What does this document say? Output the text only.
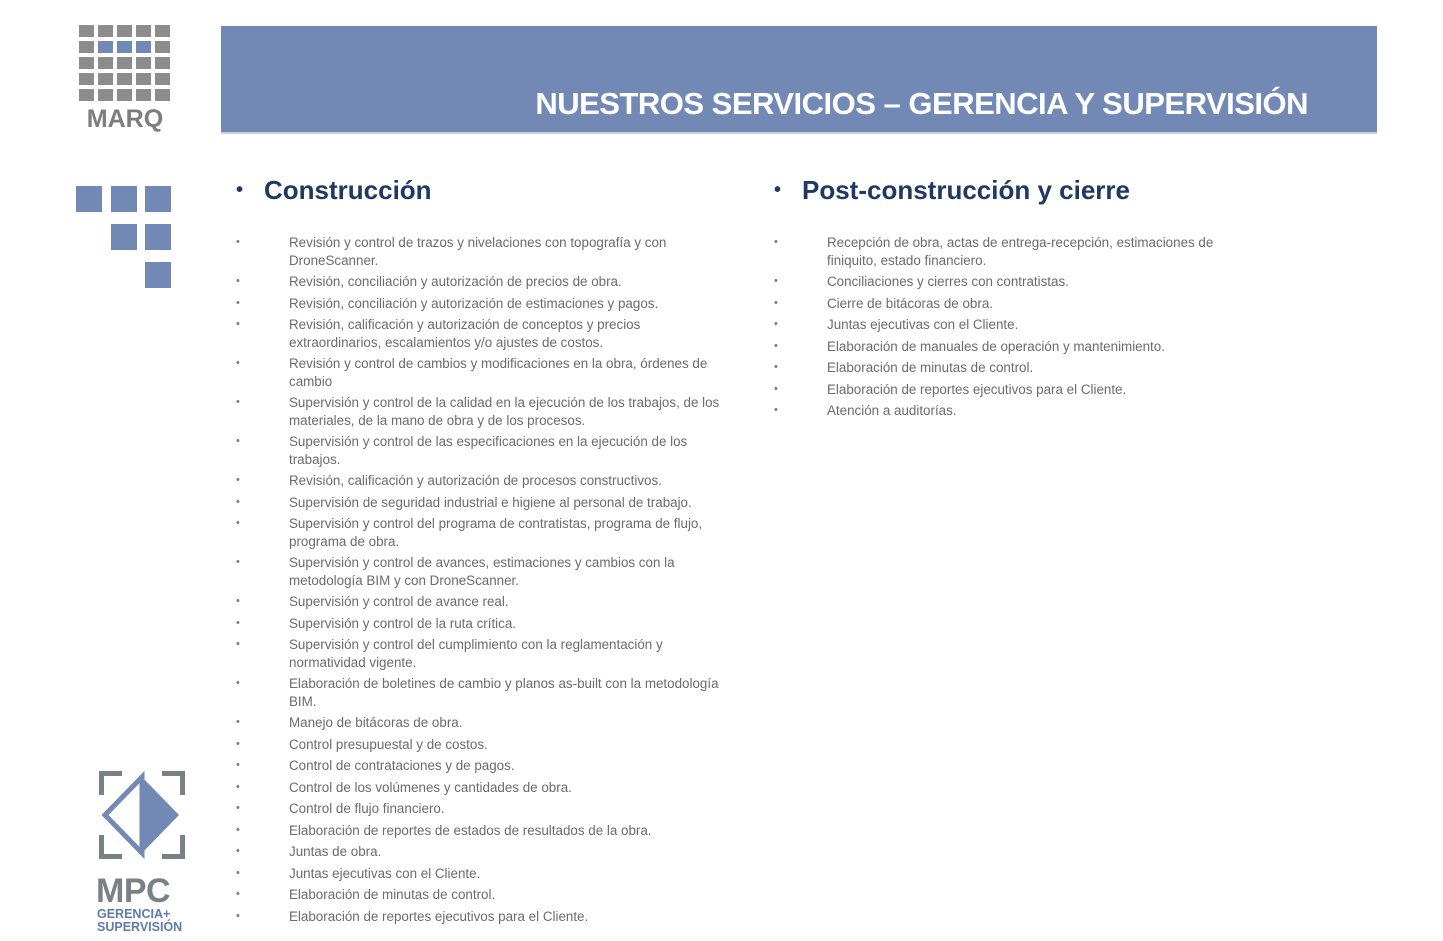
MARQ	NUESTROS SERVICIOS – GERENCIA Y SUPERVISIÓN
• Construcción
•	Revisión y control de trazos y nivelaciones con topografía y con DroneScanner.
•	Revisión, conciliación y autorización de precios de obra.
•	Revisión, conciliación y autorización de estimaciones y pagos.
•	Revisión, calificación y autorización de conceptos y precios extraordinarios, escalamientos y/o ajustes de costos.
•	Revisión y control de cambios y modificaciones en la obra, órdenes de cambio
•	Supervisión y control de la calidad en la ejecución de los trabajos, de los materiales, de la mano de obra y de los procesos.
•	Supervisión y control de las especificaciones en la ejecución de los trabajos.
•	Revisión, calificación y autorización de procesos constructivos.
•	Supervisión de seguridad industrial e higiene al personal de trabajo.
•	Supervisión y control del programa de contratistas, programa de flujo, programa de obra.
•	Supervisión y control de avances, estimaciones y cambios con la metodología BIM y con DroneScanner.
•	Supervisión y control de avance real.
•	Supervisión y control de la ruta crítica.
•	Supervisión y control del cumplimiento con la reglamentación y normatividad vigente.
•	Elaboración de boletines de cambio y planos as-built con la metodología BIM.
•	Manejo de bitácoras de obra.
•	Control presupuestal y de costos.
•	Control de contrataciones y de pagos.
•	Control de los volúmenes y cantidades de obra.
•	Control de flujo financiero.
•	Elaboración de reportes de estados de resultados de la obra.
•	Juntas de obra.
•	Juntas ejecutivas con el Cliente.
•	Elaboración de minutas de control.
•	Elaboración de reportes ejecutivos para el Cliente.
• Post-construcción y cierre
•	Recepción de obra, actas de entrega-recepción, estimaciones de finiquito, estado financiero.
•	Conciliaciones y cierres con contratistas.
•	Cierre de bitácoras de obra.
•	Juntas ejecutivas con el Cliente.
•	Elaboración de manuales de operación y mantenimiento.
•	Elaboración de minutas de control.
•	Elaboración de reportes ejecutivos para el Cliente.
•	Atención a auditorías.
MPC
GERENCIA+
SUPERVISIÓN
